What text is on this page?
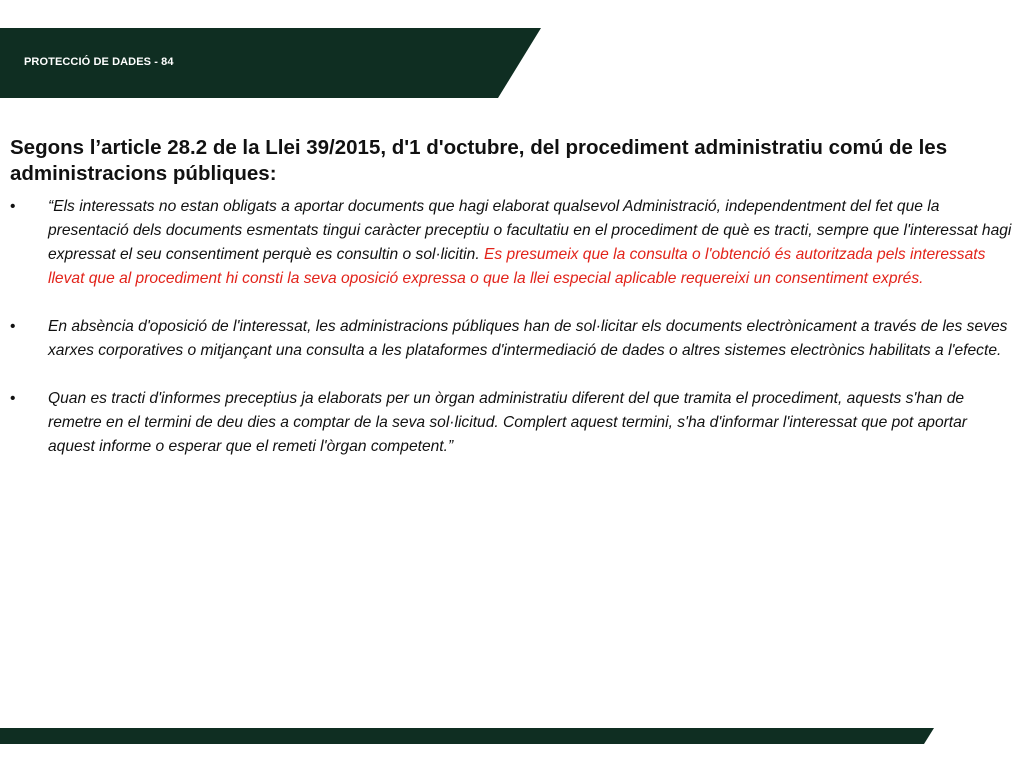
PROTECCIÓ DE DADES - 84
Segons l’article 28.2 de la Llei 39/2015, d'1 d'octubre, del procediment administratiu comú de les administracions públiques:
• “Els interessats no estan obligats a aportar documents que hagi elaborat qualsevol Administració, independentment del fet que la presentació dels documents esmentats tingui caràcter preceptiu o facultatiu en el procediment de què es tracti, sempre que l'interessat hagi expressat el seu consentiment perquè es consultin o sol·licitin. Es presumeix que la consulta o l'obtenció és autoritzada pels interessats llevat que al procediment hi consti la seva oposició expressa o que la llei especial aplicable requereixi un consentiment exprés.
• En absència d'oposició de l'interessat, les administracions públiques han de sol·licitar els documents electrònicament a través de les seves xarxes corporatives o mitjançant una consulta a les plataformes d'intermediació de dades o altres sistemes electrònics habilitats a l'efecte.
• Quan es tracti d'informes preceptius ja elaborats per un òrgan administratiu diferent del que tramita el procediment, aquests s'han de remetre en el termini de deu dies a comptar de la seva sol·licitud. Complert aquest termini, s'ha d'informar l'interessat que pot aportar aquest informe o esperar que el remeti l'òrgan competent.”
